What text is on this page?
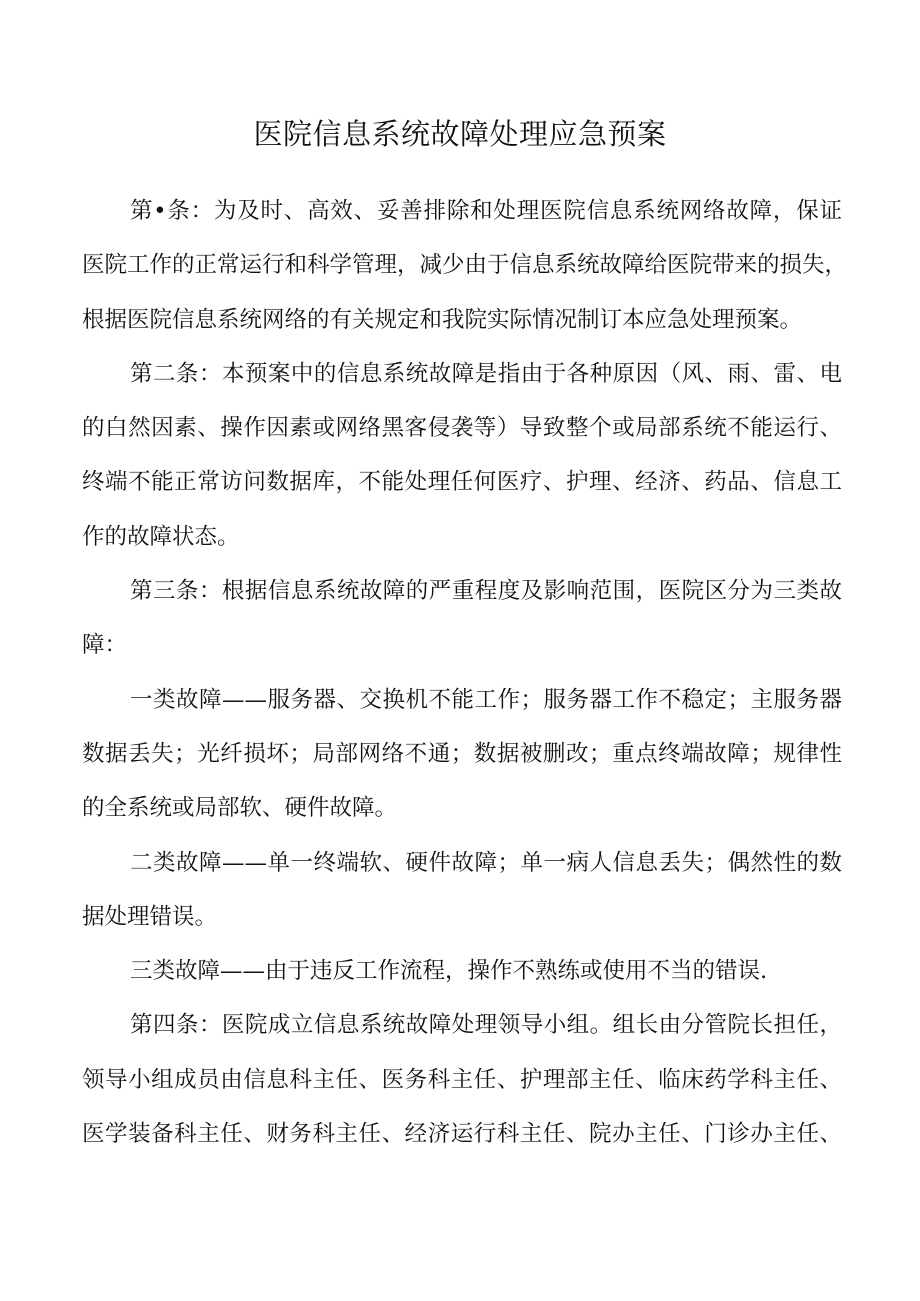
医院信息系统故障处理应急预案
第•条：为及时、高效、妥善排除和处理医院信息系统网络故障，保证
医院工作的正常运行和科学管理，减少由于信息系统故障给医院带来的损失，
根据医院信息系统网络的有关规定和我院实际情况制订本应急处理预案。
第二条：本预案中的信息系统故障是指由于各种原因（风、雨、雷、电
的白然因素、操作因素或网络黑客侵袭等）导致整个或局部系统不能运行、
终端不能正常访问数据库，不能处理任何医疗、护理、经济、药品、信息工
作的故障状态。
第三条：根据信息系统故障的严重程度及影响范围，医院区分为三类故
障：
一类故障——服务器、交换机不能工作；服务器工作不稳定；主服务器
数据丢失；光纤损坏；局部网络不通；数据被删改；重点终端故障；规律性
的全系统或局部软、硬件故障。
二类故障——单一终端软、硬件故障；单一病人信息丢失；偶然性的数
据处理错误。
三类故障——由于违反工作流程，操作不熟练或使用不当的错误.
第四条：医院成立信息系统故障处理领导小组。组长由分管院长担任，
领导小组成员由信息科主任、医务科主任、护理部主任、临床药学科主任、
医学装备科主任、财务科主任、经济运行科主任、院办主任、门诊办主任、
